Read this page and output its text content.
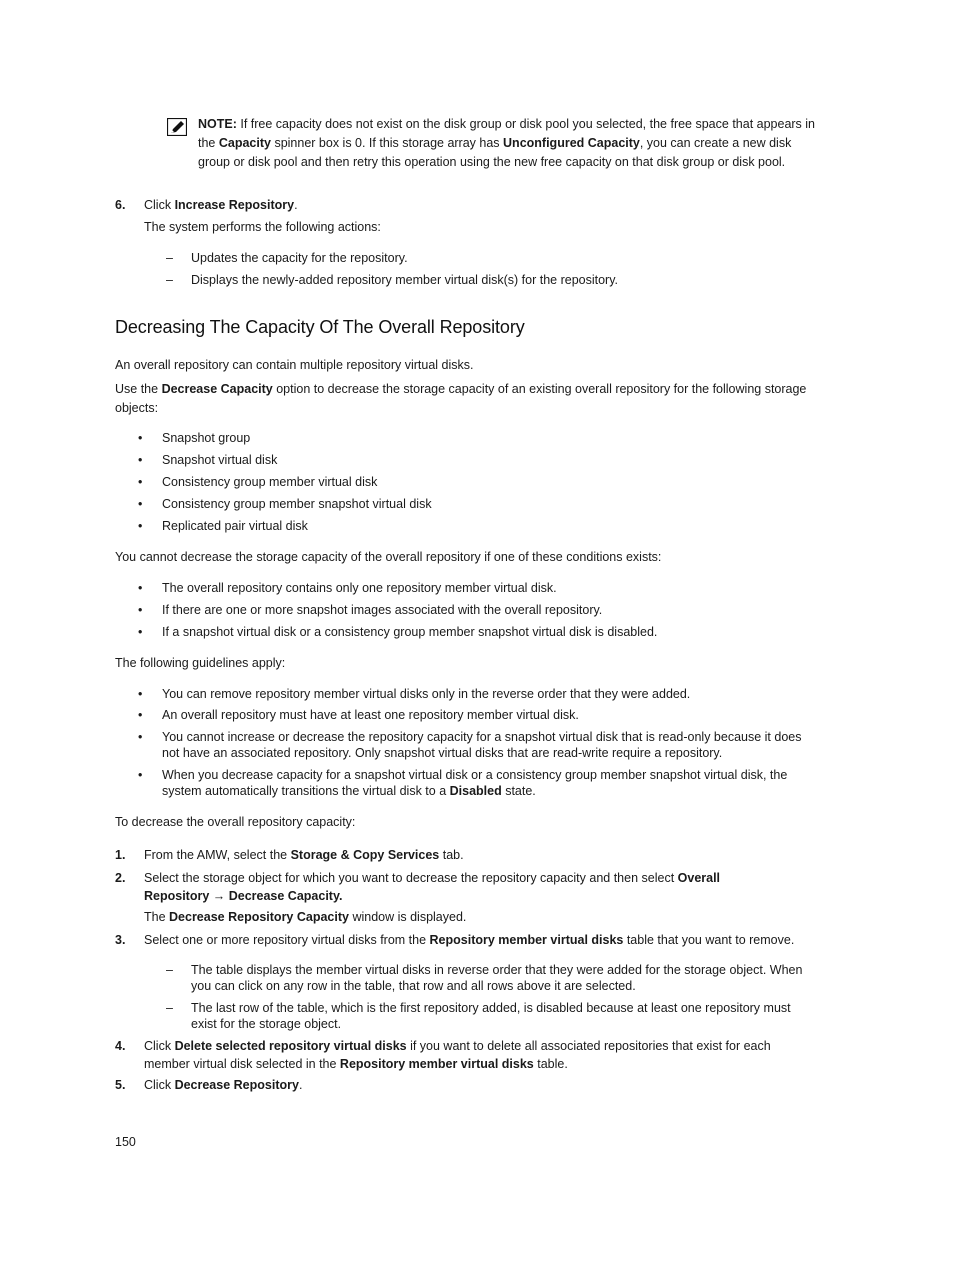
NOTE: If free capacity does not exist on the disk group or disk pool you selected, the free space that appears in the Capacity spinner box is 0. If this storage array has Unconfigured Capacity, you can create a new disk group or disk pool and then retry this operation using the new free capacity on that disk group or disk pool.
6. Click Increase Repository.
The system performs the following actions:
– Updates the capacity for the repository.
– Displays the newly-added repository member virtual disk(s) for the repository.
Decreasing The Capacity Of The Overall Repository
An overall repository can contain multiple repository virtual disks.
Use the Decrease Capacity option to decrease the storage capacity of an existing overall repository for the following storage objects:
• Snapshot group
• Snapshot virtual disk
• Consistency group member virtual disk
• Consistency group member snapshot virtual disk
• Replicated pair virtual disk
You cannot decrease the storage capacity of the overall repository if one of these conditions exists:
• The overall repository contains only one repository member virtual disk.
• If there are one or more snapshot images associated with the overall repository.
• If a snapshot virtual disk or a consistency group member snapshot virtual disk is disabled.
The following guidelines apply:
• You can remove repository member virtual disks only in the reverse order that they were added.
• An overall repository must have at least one repository member virtual disk.
• You cannot increase or decrease the repository capacity for a snapshot virtual disk that is read-only because it does not have an associated repository. Only snapshot virtual disks that are read-write require a repository.
• When you decrease capacity for a snapshot virtual disk or a consistency group member snapshot virtual disk, the system automatically transitions the virtual disk to a Disabled state.
To decrease the overall repository capacity:
1. From the AMW, select the Storage & Copy Services tab.
2. Select the storage object for which you want to decrease the repository capacity and then select Overall Repository → Decrease Capacity.
The Decrease Repository Capacity window is displayed.
3. Select one or more repository virtual disks from the Repository member virtual disks table that you want to remove.
– The table displays the member virtual disks in reverse order that they were added for the storage object. When you can click on any row in the table, that row and all rows above it are selected.
– The last row of the table, which is the first repository added, is disabled because at least one repository must exist for the storage object.
4. Click Delete selected repository virtual disks if you want to delete all associated repositories that exist for each member virtual disk selected in the Repository member virtual disks table.
5. Click Decrease Repository.
150
